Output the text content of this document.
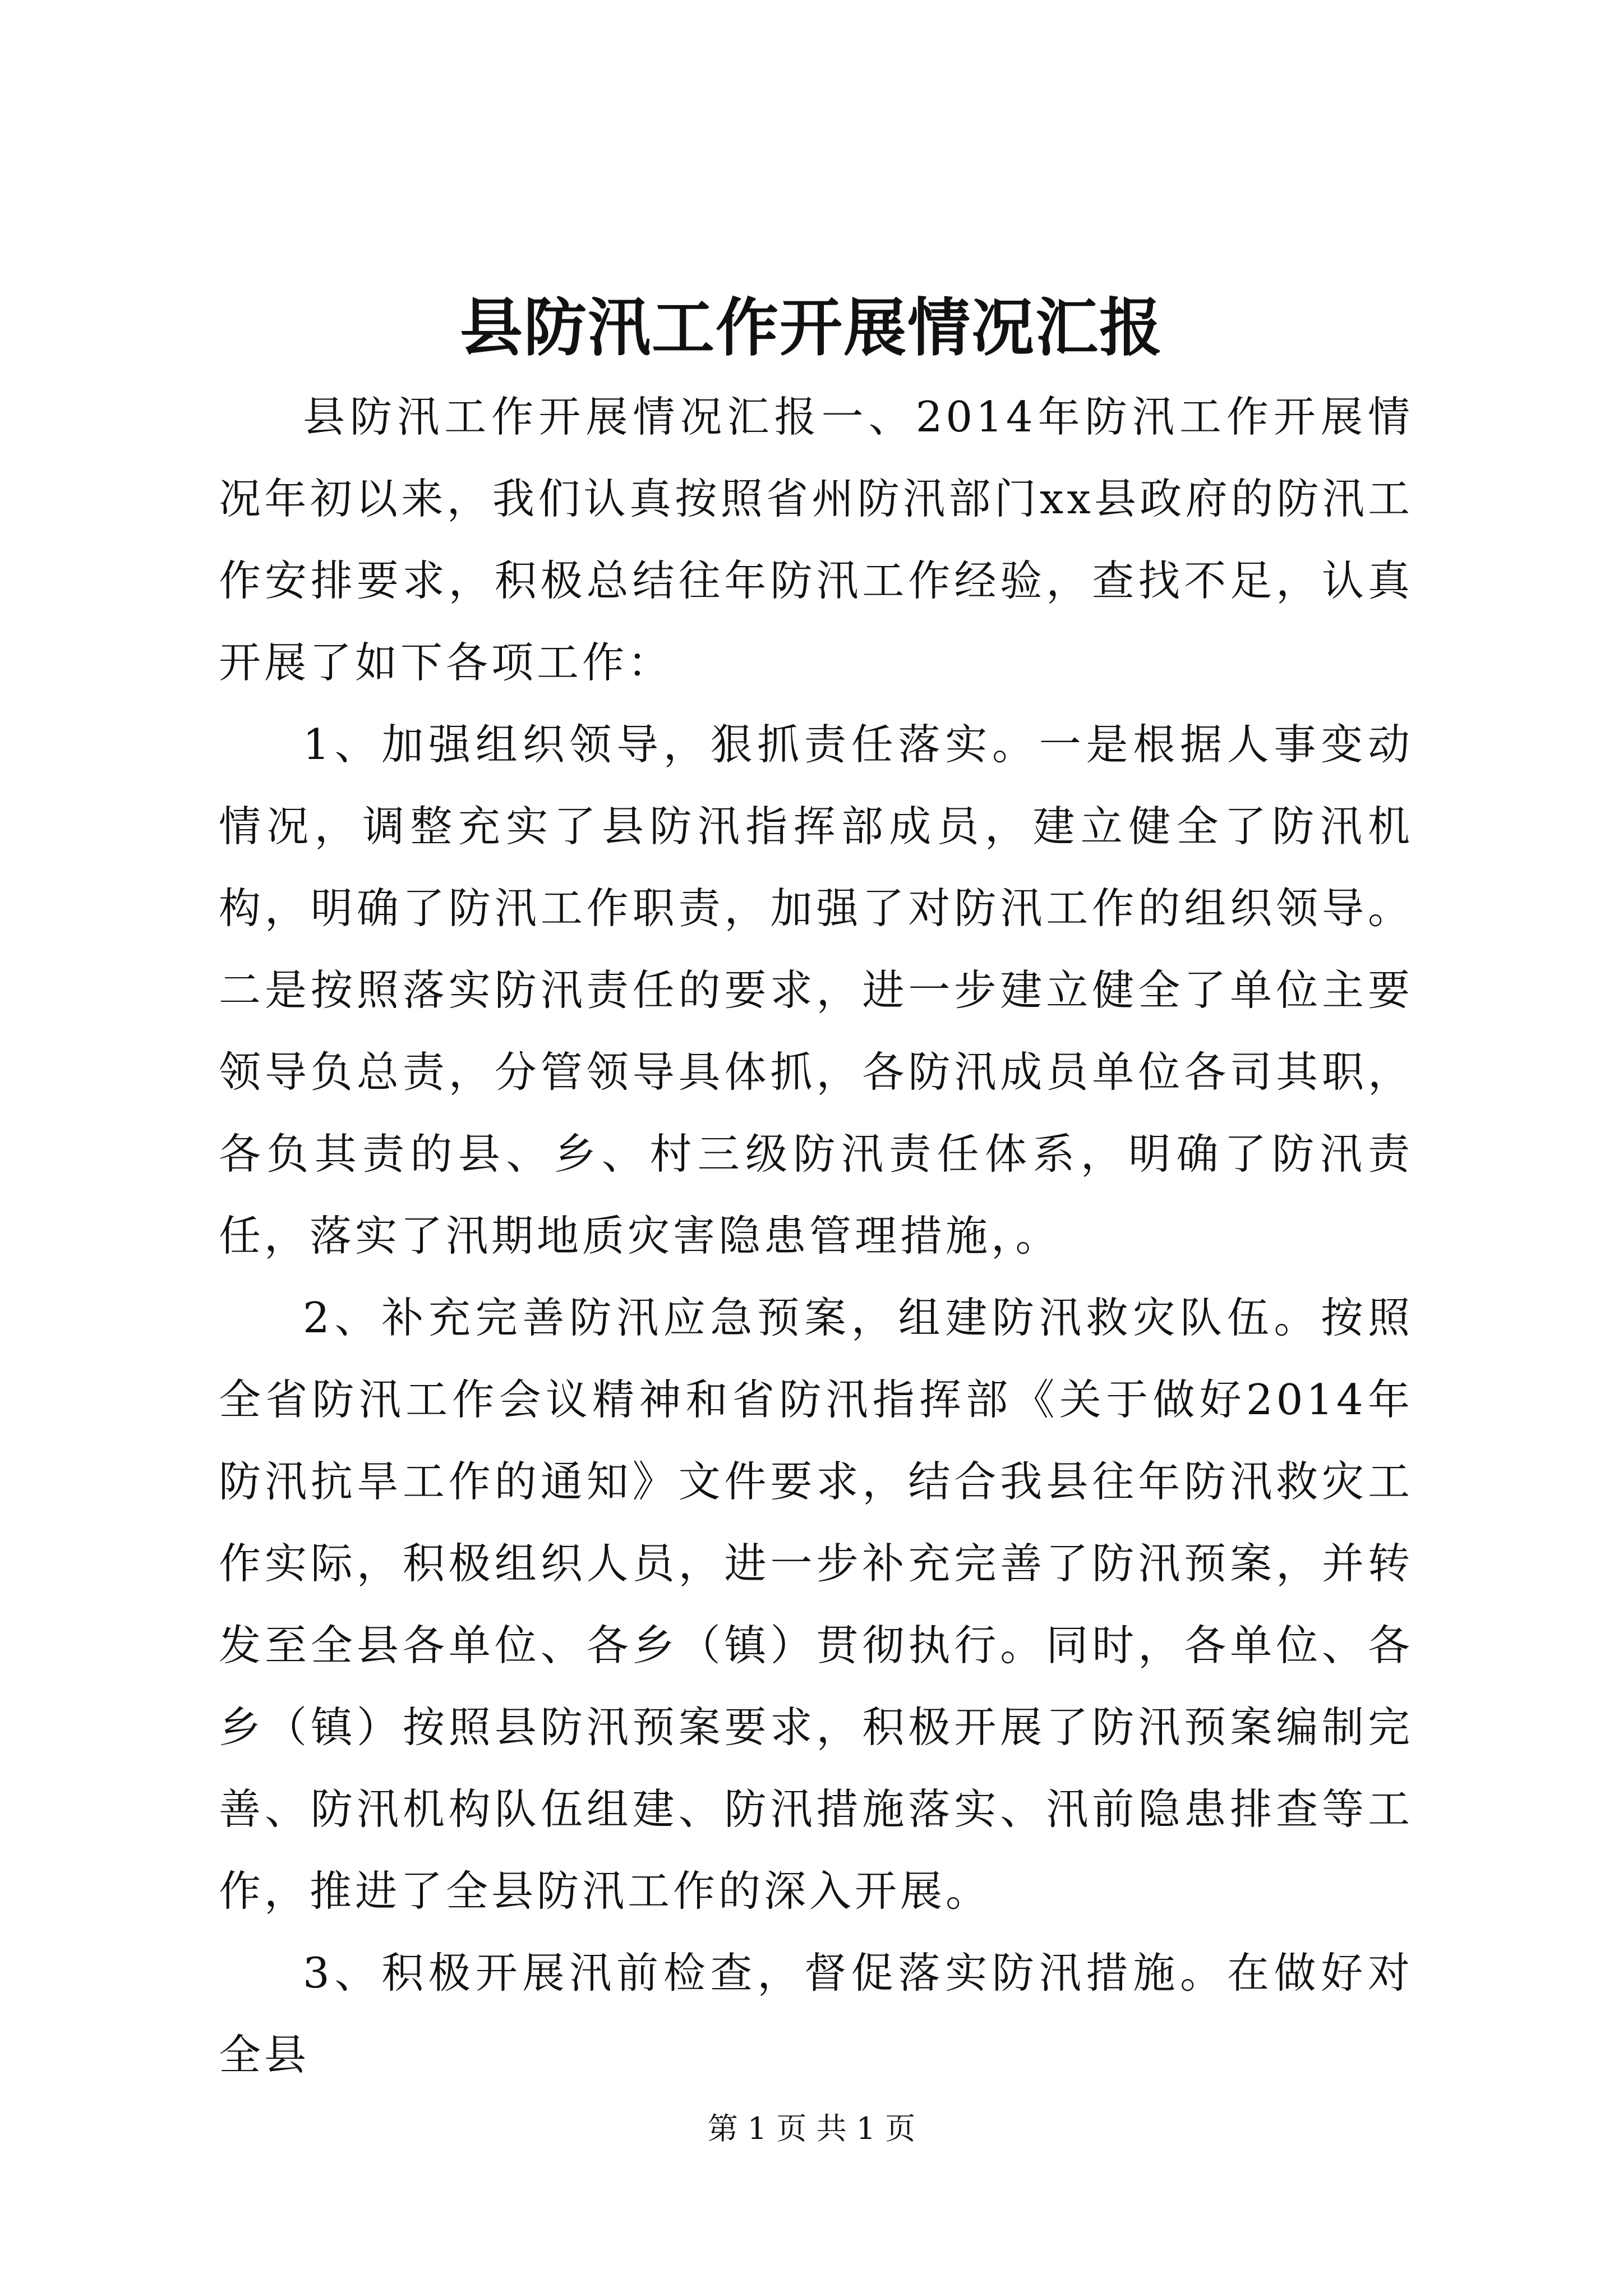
县防汛工作开展情况汇报

县防汛工作开展情况汇报一、2014年防汛工作开展情况年初以来，我们认真按照省州防汛部门xx县政府的防汛工作安排要求，积极总结往年防汛工作经验，查找不足，认真开展了如下各项工作：

1、加强组织领导，狠抓责任落实。一是根据人事变动情况，调整充实了县防汛指挥部成员，建立健全了防汛机构，明确了防汛工作职责，加强了对防汛工作的组织领导。二是按照落实防汛责任的要求，进一步建立健全了单位主要领导负总责，分管领导具体抓，各防汛成员单位各司其职，各负其责的县、乡、村三级防汛责任体系，明确了防汛责任，落实了汛期地质灾害隐患管理措施，。

2、补充完善防汛应急预案，组建防汛救灾队伍。按照全省防汛工作会议精神和省防汛指挥部《关于做好2014年防汛抗旱工作的通知》文件要求，结合我县往年防汛救灾工作实际，积极组织人员，进一步补充完善了防汛预案，并转发至全县各单位、各乡（镇）贯彻执行。同时，各单位、各乡（镇）按照县防汛预案要求，积极开展了防汛预案编制完善、防汛机构队伍组建、防汛措施落实、汛前隐患排查等工作，推进了全县防汛工作的深入开展。

3、积极开展汛前检查，督促落实防汛措施。在做好对全县

第 1 页 共 1 页
